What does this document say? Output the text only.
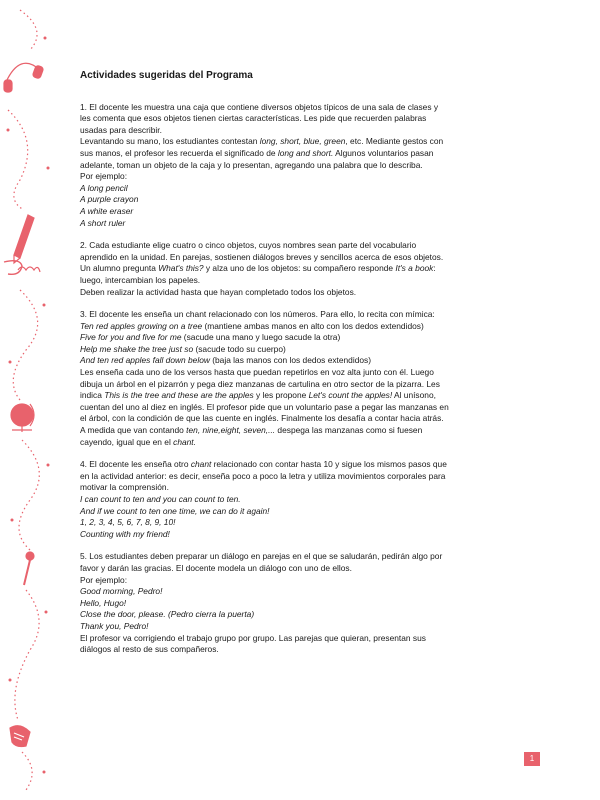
Actividades sugeridas del Programa
1. El docente les muestra una caja que contiene diversos objetos típicos de una sala de clases y
les comenta que esos objetos tienen ciertas características. Les pide que recuerden palabras
usadas para describir.
Levantando su mano, los estudiantes contestan long, short, blue, green, etc. Mediante gestos con
sus manos, el profesor les recuerda el significado de long and short. Algunos voluntarios pasan
adelante, toman un objeto de la caja y lo presentan, agregando una palabra que lo describa.
Por ejemplo:
A long pencil
A purple crayon
A white eraser
A short ruler
2. Cada estudiante elige cuatro o cinco objetos, cuyos nombres sean parte del vocabulario
aprendido en la unidad. En parejas, sostienen diálogos breves y sencillos acerca de esos objetos.
Un alumno pregunta What's this? y alza uno de los objetos: su compañero responde It's a book:
luego, intercambian los papeles.
Deben realizar la actividad hasta que hayan completado todos los objetos.
3. El docente les enseña un chant relacionado con los números. Para ello, lo recita con mímica:
Ten red apples growing on a tree (mantiene ambas manos en alto con los dedos extendidos)
Five for you and five for me (sacude una mano y luego sacude la otra)
Help me shake the tree just so (sacude todo su cuerpo)
And ten red apples fall down below (baja las manos con los dedos extendidos)
Les enseña cada uno de los versos hasta que puedan repetirlos en voz alta junto con él. Luego
dibuja un árbol en el pizarrón y pega diez manzanas de cartulina en otro sector de la pizarra. Les
indica This is the tree and these are the apples y les propone Let's count the apples! Al unísono,
cuentan del uno al diez en inglés. El profesor pide que un voluntario pase a pegar las manzanas en
el árbol, con la condición de que las cuente en inglés. Finalmente los desafía a contar hacia atrás.
A medida que van contando ten, nine,eight, seven,... despega las manzanas como si fuesen
cayendo, igual que en el chant.
4. El docente les enseña otro chant relacionado con contar hasta 10 y sigue los mismos pasos que
en la actividad anterior: es decir, enseña poco a poco la letra y utiliza movimientos corporales para
motivar la comprensión.
I can count to ten and you can count to ten.
And if we count to ten one time, we can do it again!
1, 2, 3, 4, 5, 6, 7, 8, 9, 10!
Counting with my friend!
5. Los estudiantes deben preparar un diálogo en parejas en el que se saludarán, pedirán algo por
favor y darán las gracias. El docente modela un diálogo con uno de ellos.
Por ejemplo:
Good morning, Pedro!
Hello, Hugo!
Close the door, please. (Pedro cierra la puerta)
Thank you, Pedro!
El profesor va corrigiendo el trabajo grupo por grupo. Las parejas que quieran, presentan sus
diálogos al resto de sus compañeros.
1
